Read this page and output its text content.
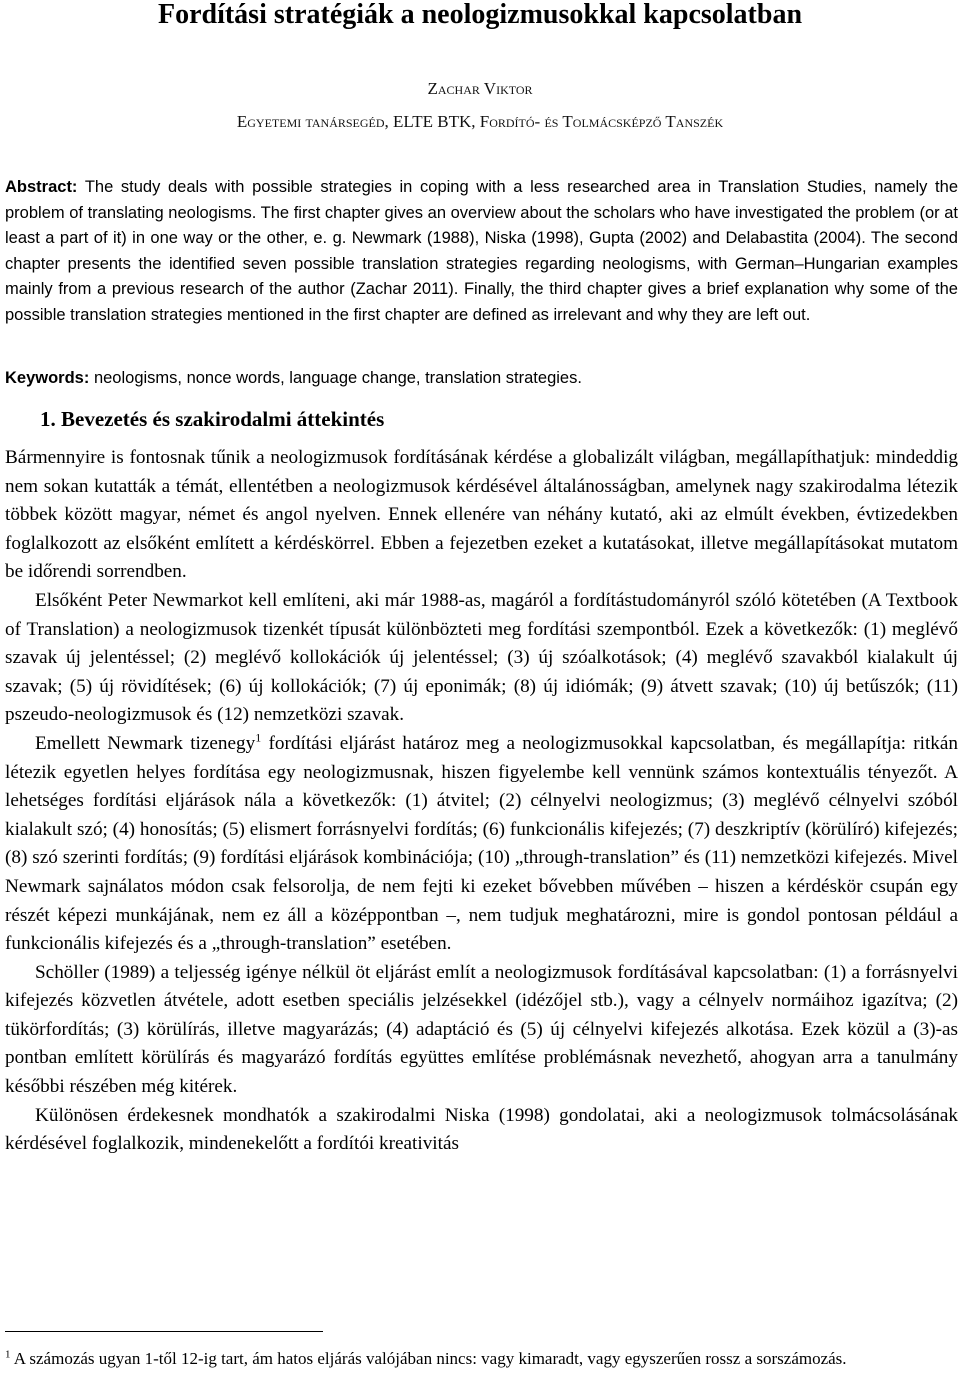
Fordítási stratégiák a neologizmusokkal kapcsolatban
Zachar Viktor
Egyetemi tanársegéd, ELTE BTK, Fordító- és Tolmácsképző Tanszék
Abstract: The study deals with possible strategies in coping with a less researched area in Translation Studies, namely the problem of translating neologisms. The first chapter gives an overview about the scholars who have investigated the problem (or at least a part of it) in one way or the other, e. g. Newmark (1988), Niska (1998), Gupta (2002) and Delabastita (2004). The second chapter presents the identified seven possible translation strategies regarding neologisms, with German–Hungarian examples mainly from a previous research of the author (Zachar 2011). Finally, the third chapter gives a brief explanation why some of the possible translation strategies mentioned in the first chapter are defined as irrelevant and why they are left out.
Keywords: neologisms, nonce words, language change, translation strategies.
1. Bevezetés és szakirodalmi áttekintés

Bármennyire is fontosnak tűnik a neologizmusok fordításának kérdése a globalizált világban, megállapíthatjuk: mindeddig nem sokan kutatták a témát, ellentétben a neologizmusok kérdésével általánosságban, amelynek nagy szakirodalma létezik többek között magyar, német és angol nyelven. Ennek ellenére van néhány kutató, aki az elmúlt években, évtizedekben foglalkozott az elsőként említett a kérdéskörrel. Ebben a fejezetben ezeket a kutatásokat, illetve megállapításokat mutatom be időrendi sorrendben.

Elsőként Peter Newmarkot kell említeni, aki már 1988-as, magáról a fordítástudományról szóló kötetében (A Textbook of Translation) a neologizmusok tizenkét típusát különbözteti meg fordítási szempontból. Ezek a következők: (1) meglévő szavak új jelentéssel; (2) meglévő kollokációk új jelentéssel; (3) új szóalkotások; (4) meglévő szavakból kialakult új szavak; (5) új rövidítések; (6) új kollokációk; (7) új eponimák; (8) új idiómák; (9) átvett szavak; (10) új betűszók; (11) pszeudo-neologizmusok és (12) nemzetközi szavak.

Emellett Newmark tizenegy$^1$ fordítási eljárást határoz meg a neologizmusokkal kapcsolatban, és megállapítja: ritkán létezik egyetlen helyes fordítása egy neologizmusnak, hiszen figyelembe kell vennünk számos kontextuális tényezőt. A lehetséges fordítási eljárások nála a következők: (1) átvitel; (2) célnyelvi neologizmus; (3) meglévő célnyelvi szóból kialakult szó; (4) honosítás; (5) elismert forrásnyelvi fordítás; (6) funkcionális kifejezés; (7) deszkriptív (körülíró) kifejezés; (8) szó szerinti fordítás; (9) fordítási eljárások kombinációja; (10) „through-translation” és (11) nemzetközi kifejezés. Mivel Newmark sajnálatos módon csak felsorolja, de nem fejti ki ezeket bővebben művében – hiszen a kérdéskör csupán egy részét képezi munkájának, nem ez áll a középpontban –, nem tudjuk meghatározni, mire is gondol pontosan például a funkcionális kifejezés és a „through-translation” esetében.

Schöller (1989) a teljesség igénye nélkül öt eljárást említ a neologizmusok fordításával kapcsolatban: (1) a forrásnyelvi kifejezés közvetlen átvétele, adott esetben speciális jelzésekkel (idézőjel stb.), vagy a célnyelv normáihoz igazítva; (2) tükörfordítás; (3) körülírás, illetve magyarázás; (4) adaptáció és (5) új célnyelvi kifejezés alkotása. Ezek közül a (3)-as pontban említett körülírás és magyarázó fordítás együttes említése problémásnak nevezhető, ahogyan arra a tanulmány későbbi részében még kitérek.

Különösen érdekesnek mondhatók a szakirodalmi Niska (1998) gondolatai, aki a neologizmusok tolmácsolásának kérdésével foglalkozik, mindenekelőtt a fordítói kreativitás

$^1$ A számozás ugyan 1-től 12-ig tart, ám hatos eljárás valójában nincs: vagy kimaradt, vagy egyszerűen rossz a sorszámozás.
